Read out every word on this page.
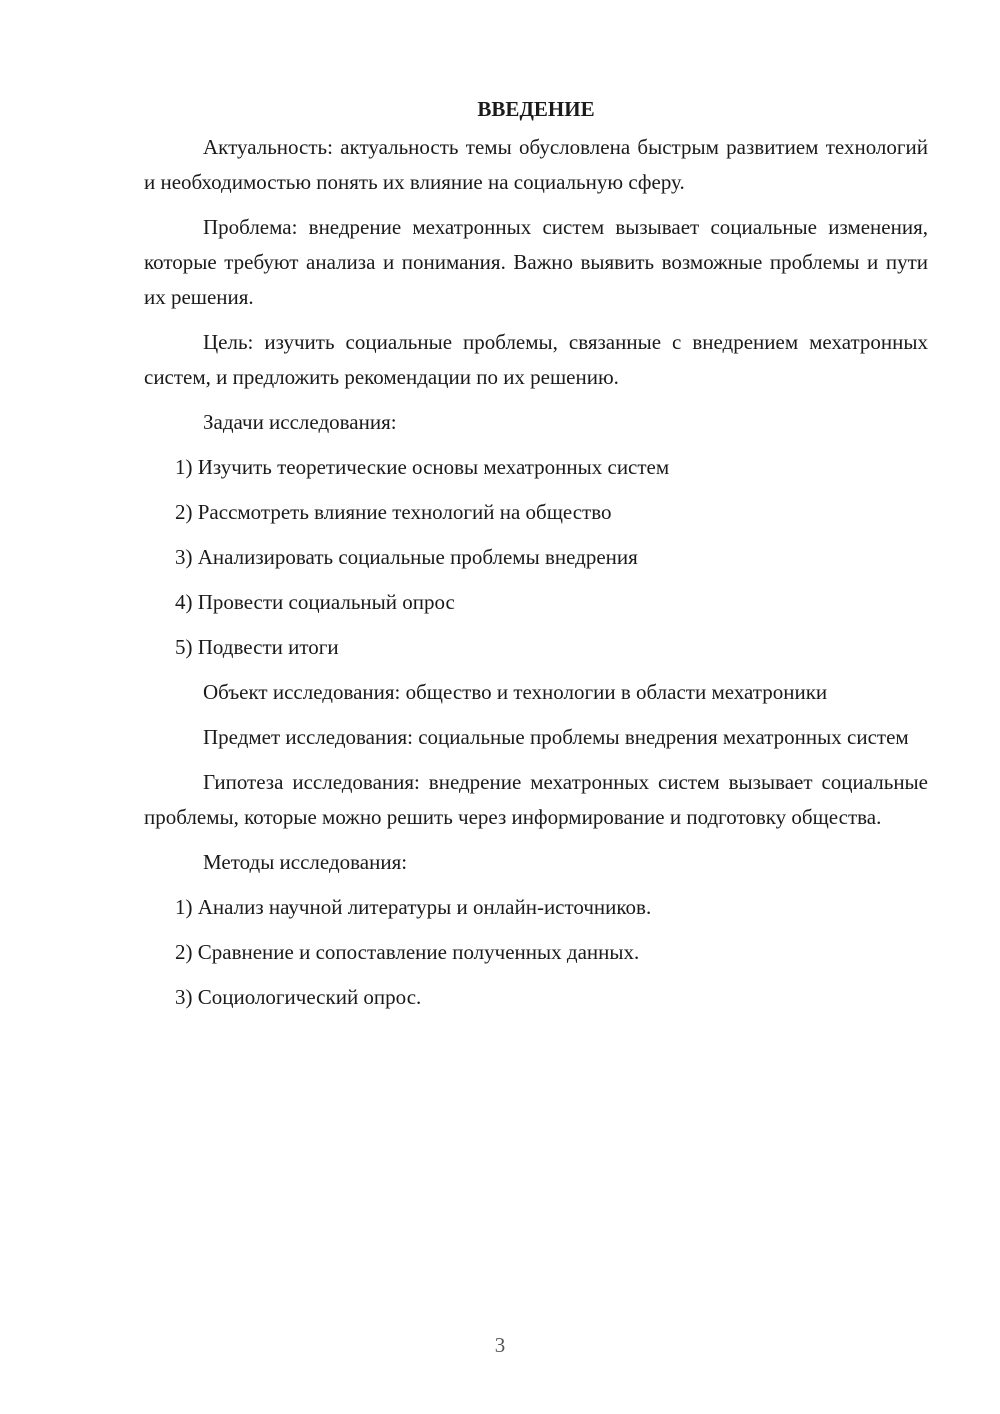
ВВЕДЕНИЕ

Актуальность: актуальность темы обусловлена быстрым развитием технологий и необходимостью понять их влияние на социальную сферу.

Проблема: внедрение мехатронных систем вызывает социальные изменения, которые требуют анализа и понимания. Важно выявить возможные проблемы и пути их решения.

Цель: изучить социальные проблемы, связанные с внедрением мехатронных систем, и предложить рекомендации по их решению.

Задачи исследования:

1) Изучить теоретические основы мехатронных систем

2) Рассмотреть влияние технологий на общество

3) Анализировать социальные проблемы внедрения

4) Провести социальный опрос

5) Подвести итоги

Объект исследования: общество и технологии в области мехатроники

Предмет исследования: социальные проблемы внедрения мехатронных систем

Гипотеза исследования: внедрение мехатронных систем вызывает социальные проблемы, которые можно решить через информирование и подготовку общества.

Методы исследования:

1) Анализ научной литературы и онлайн-источников.

2) Сравнение и сопоставление полученных данных.

3) Социологический опрос.

3
